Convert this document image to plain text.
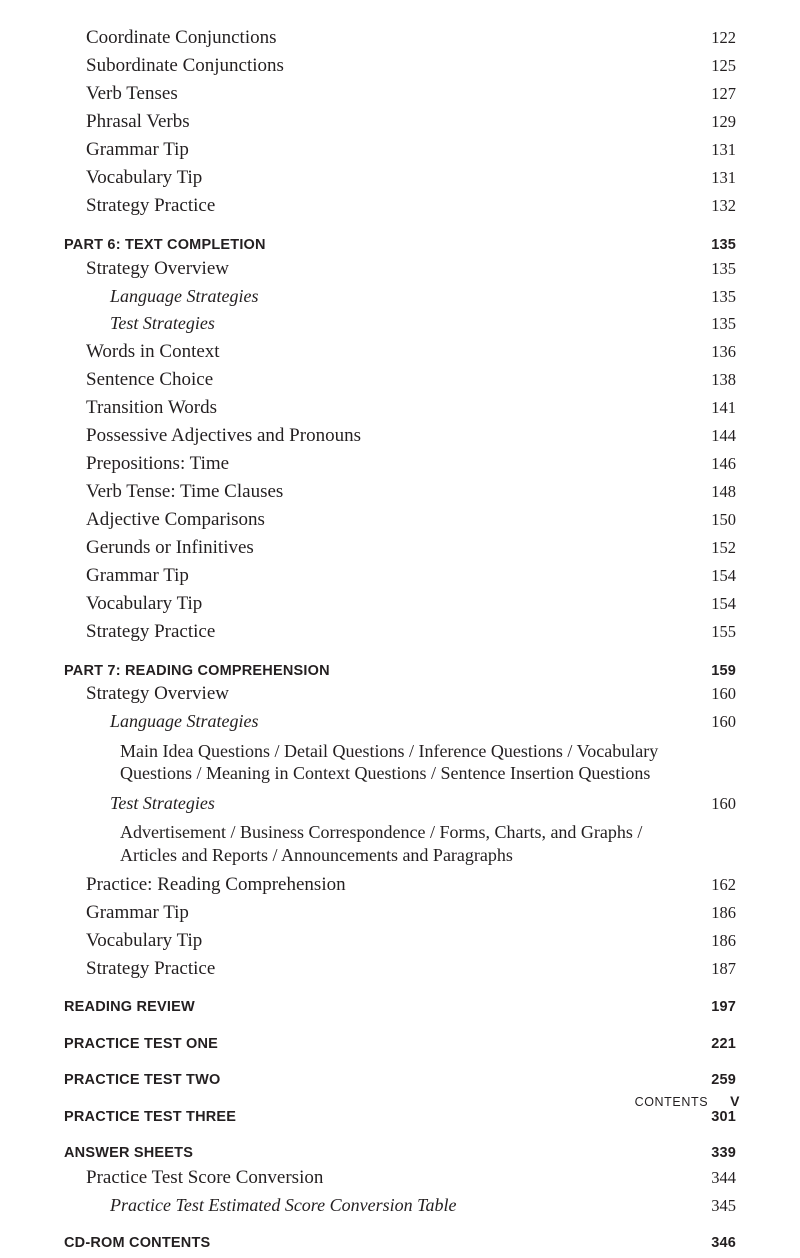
Coordinate Conjunctions	122
Subordinate Conjunctions	125
Verb Tenses	127
Phrasal Verbs	129
Grammar Tip	131
Vocabulary Tip	131
Strategy Practice	132
PART 6: TEXT COMPLETION	135
Strategy Overview	135
Language Strategies	135
Test Strategies	135
Words in Context	136
Sentence Choice	138
Transition Words	141
Possessive Adjectives and Pronouns	144
Prepositions: Time	146
Verb Tense: Time Clauses	148
Adjective Comparisons	150
Gerunds or Infinitives	152
Grammar Tip	154
Vocabulary Tip	154
Strategy Practice	155
PART 7: READING COMPREHENSION	159
Strategy Overview	160
Language Strategies	160
Main Idea Questions / Detail Questions / Inference Questions / Vocabulary Questions / Meaning in Context Questions / Sentence Insertion Questions
Test Strategies	160
Advertisement / Business Correspondence / Forms, Charts, and Graphs / Articles and Reports / Announcements and Paragraphs
Practice: Reading Comprehension	162
Grammar Tip	186
Vocabulary Tip	186
Strategy Practice	187
READING REVIEW	197
PRACTICE TEST ONE	221
PRACTICE TEST TWO	259
PRACTICE TEST THREE	301
ANSWER SHEETS	339
Practice Test Score Conversion	344
Practice Test Estimated Score Conversion Table	345
CD-ROM CONTENTS	346
CONTENTS V
